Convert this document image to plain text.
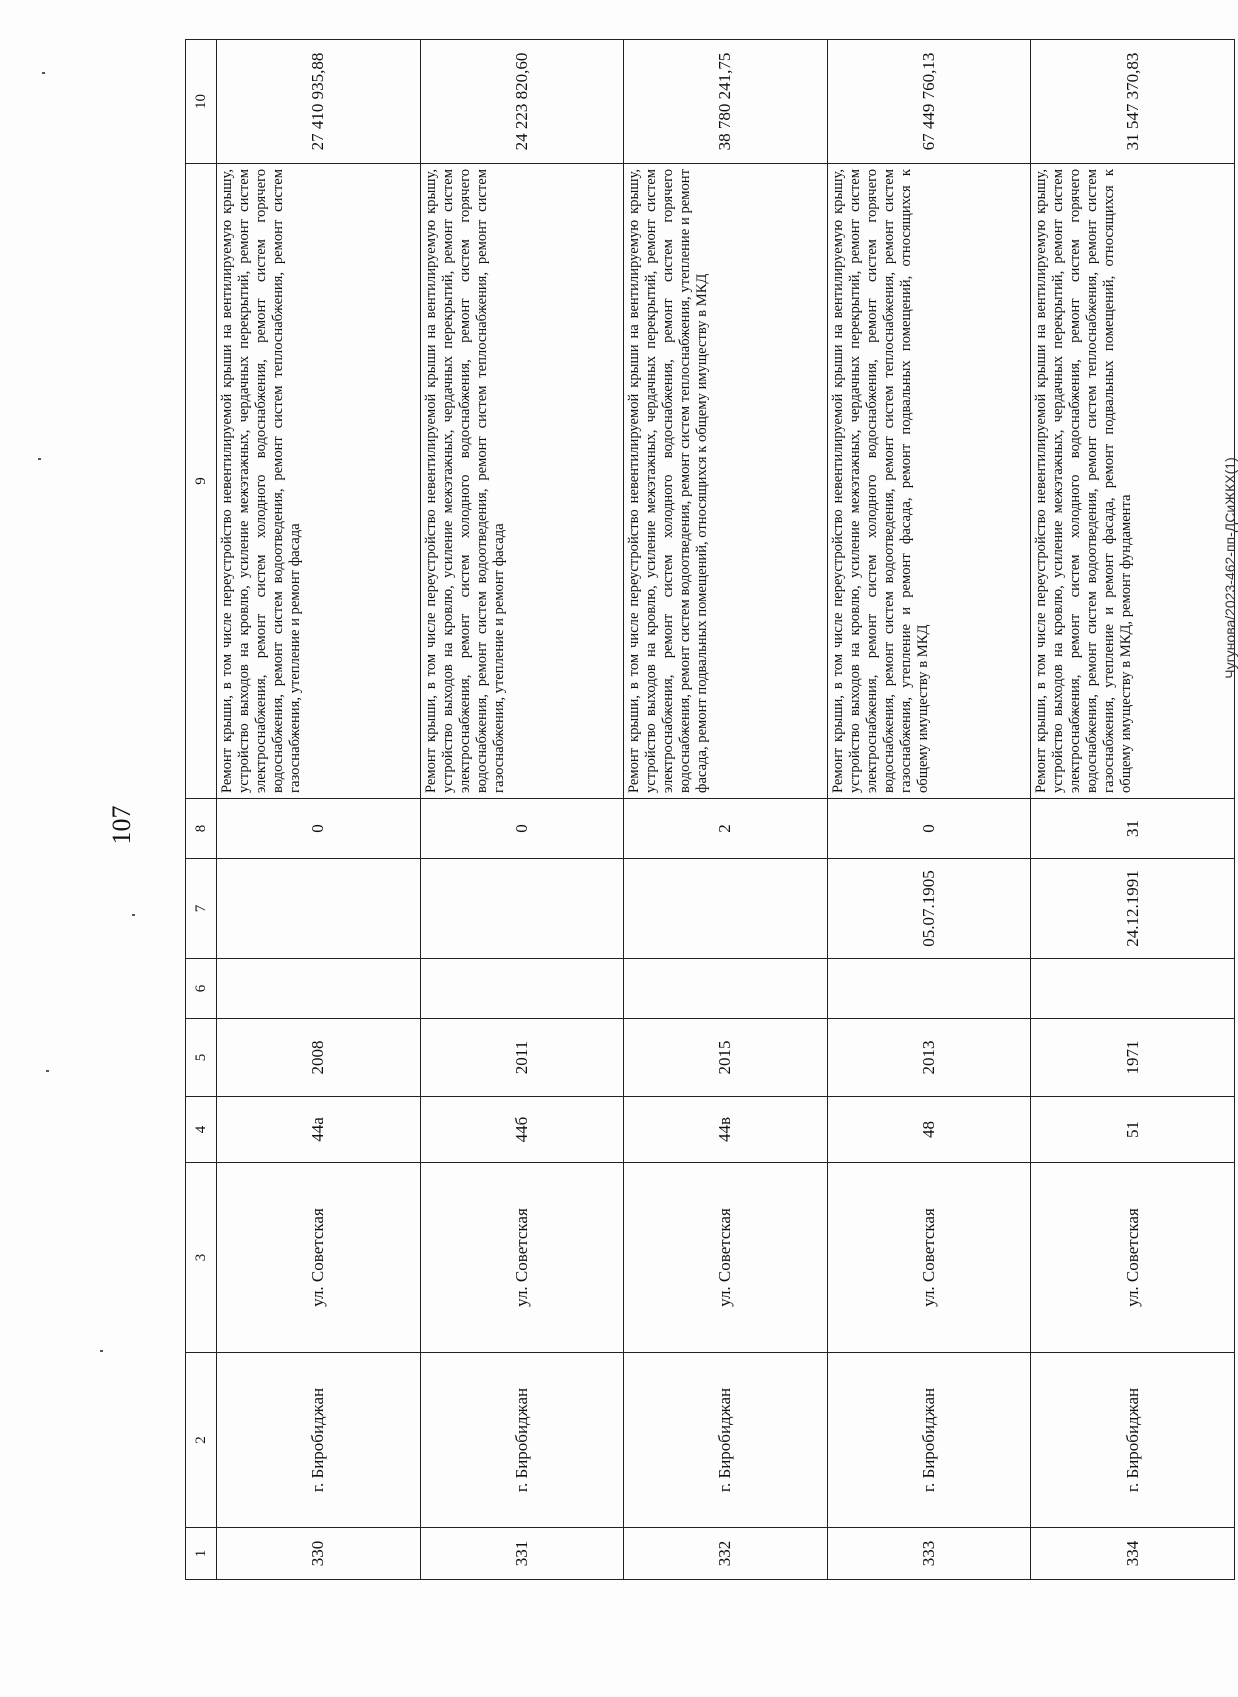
107
1	2	3	4	5	6	7	8	9	10
330	г. Биробиджан	ул. Советская	44а	2008			0	Ремонт крыши, в том числе переустройство невентилируемой крыши на вентилируемую крышу, устройство выходов на кровлю, усиление межэтажных, чердачных перекрытий, ремонт систем электроснабжения, ремонт систем холодного водоснабжения, ремонт систем горячего водоснабжения, ремонт систем водоотведения, ремонт систем теплоснабжения, ремонт систем газоснабжения, утепление и ремонт фасада	27 410 935,88
331	г. Биробиджан	ул. Советская	44б	2011			0	Ремонт крыши, в том числе переустройство невентилируемой крыши на вентилируемую крышу, устройство выходов на кровлю, усиление межэтажных, чердачных перекрытий, ремонт систем электроснабжения, ремонт систем холодного водоснабжения, ремонт систем горячего водоснабжения, ремонт систем водоотведения, ремонт систем теплоснабжения, ремонт систем газоснабжения, утепление и ремонт фасада	24 223 820,60
332	г. Биробиджан	ул. Советская	44в	2015			2	Ремонт крыши, в том числе переустройство невентилируемой крыши на вентилируемую крышу, устройство выходов на кровлю, усиление межэтажных, чердачных перекрытий, ремонт систем электроснабжения, ремонт систем холодного водоснабжения, ремонт систем горячего водоснабжения, ремонт систем водоотведения, ремонт систем теплоснабжения, утепление и ремонт фасада, ремонт подвальных помещений, относящихся к общему имуществу в МКД	38 780 241,75
333	г. Биробиджан	ул. Советская	48	2013		05.07.1905	0	Ремонт крыши, в том числе переустройство невентилируемой крыши на вентилируемую крышу, устройство выходов на кровлю, усиление межэтажных, чердачных перекрытий, ремонт систем электроснабжения, ремонт систем холодного водоснабжения, ремонт систем горячего водоснабжения, ремонт систем водоотведения, ремонт систем теплоснабжения, ремонт систем газоснабжения, утепление и ремонт фасада, ремонт подвальных помещений, относящихся к общему имуществу в МКД	67 449 760,13
334	г. Биробиджан	ул. Советская	51	1971		24.12.1991	31	Ремонт крыши, в том числе переустройство невентилируемой крыши на вентилируемую крышу, устройство выходов на кровлю, усиление межэтажных, чердачных перекрытий, ремонт систем электроснабжения, ремонт систем холодного водоснабжения, ремонт систем горячего водоснабжения, ремонт систем водоотведения, ремонт систем теплоснабжения, ремонт систем газоснабжения, утепление и ремонт фасада, ремонт подвальных помещений, относящихся к общему имуществу в МКД, ремонт фундамента	31 547 370,83
Чугунова/2023-462-пп-ДСиЖКХ(1)
